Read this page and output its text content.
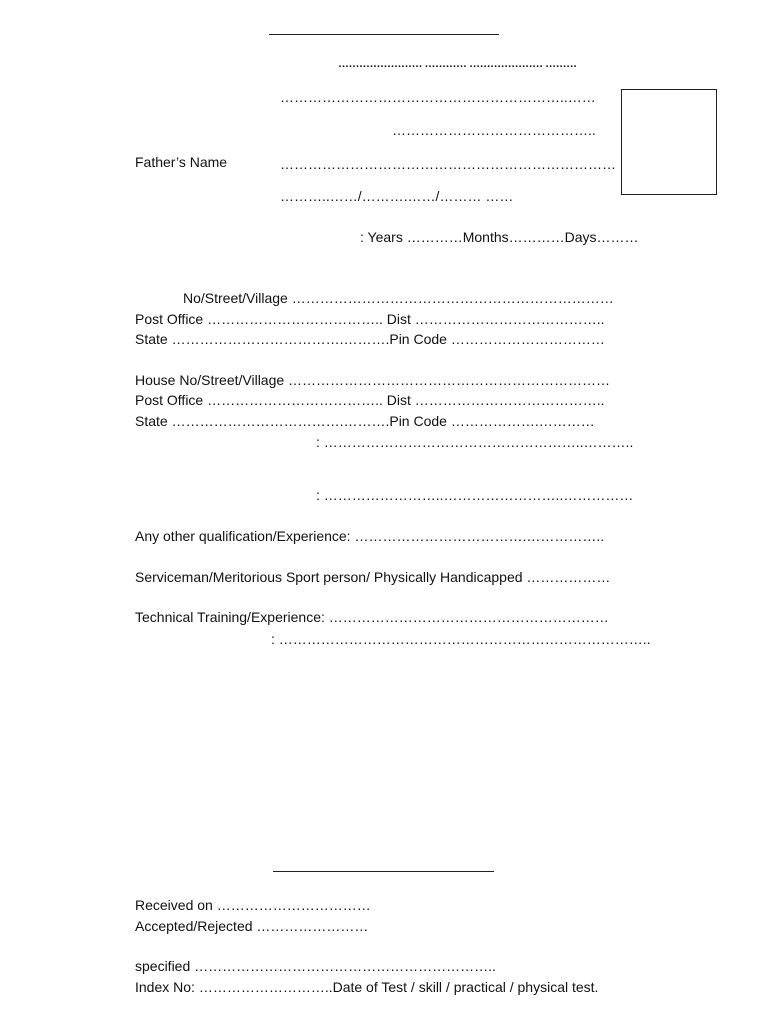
…………………… ………… ………………… ………
……………………………………………………..……
……………………………………..
Father’s Name	………………………………………………………………
………..……/……….……/……… ……
: Years …………Months…………Days………
No/Street/Village ……………………………………………………………
Post Office ……………………………….. Dist …………………………………..
State ……………………………….……….Pin Code ……………………………
House No/Street/Village ……………………………………………………………
Post Office ……………………………….. Dist …………………………………..
State ……………………………….……….Pin Code ……………….…………
: ………………………………………………..………..
: ……………………..……………………..……………
Any other qualification/Experience: ……………………………….……………..
Serviceman/Meritorious Sport person/ Physically Handicapped ………………
Technical Training/Experience: ……………………………………………………
: ……………………………………………………………………..
Received on ……………………………
Accepted/Rejected ……………………
specified ………………………………………………………..
Index No: ………………………..Date of Test / skill / practical / physical test.
